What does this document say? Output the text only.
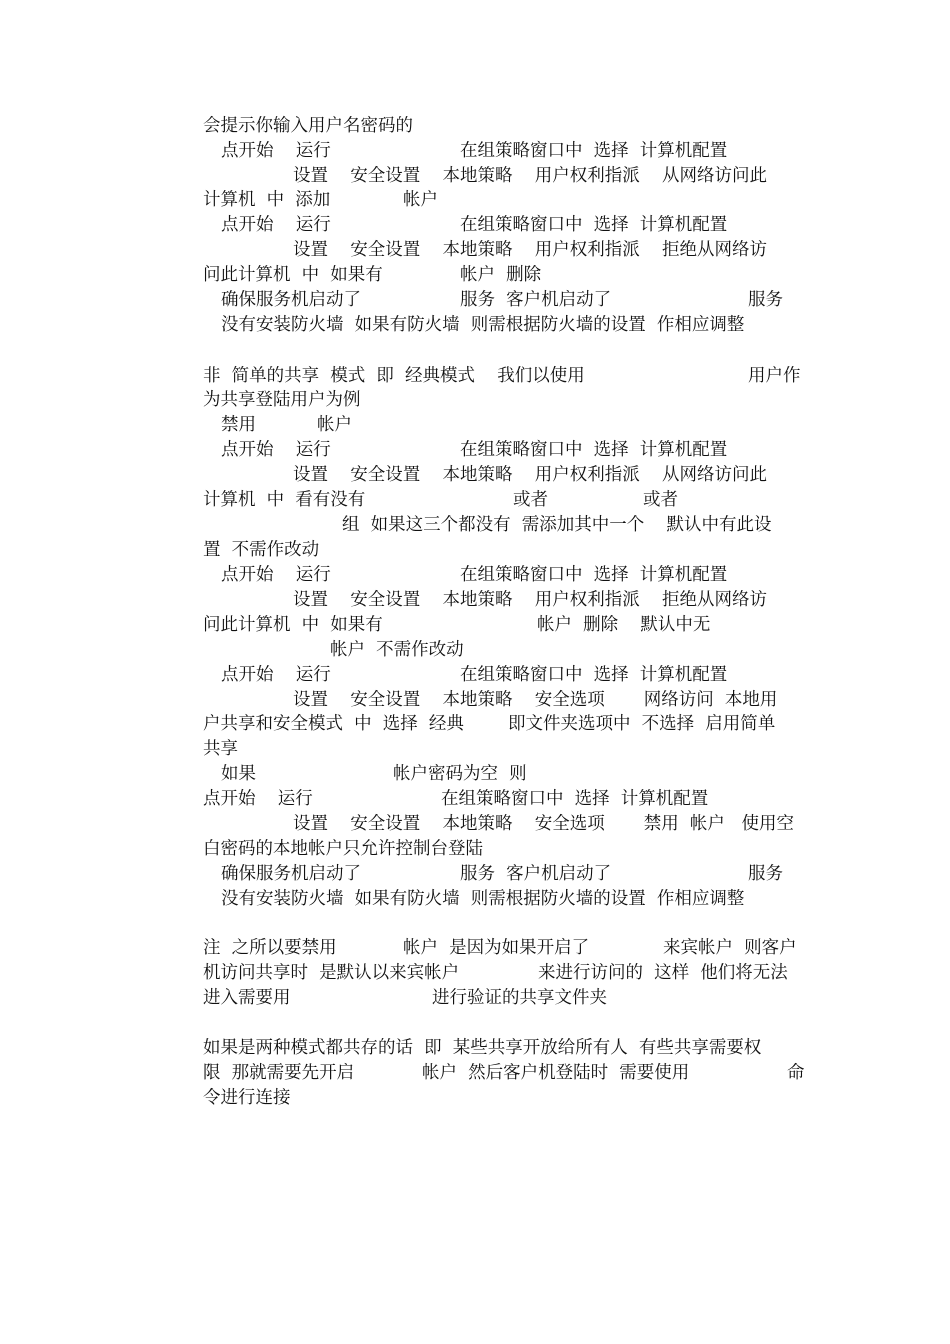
会提示你输入用户名密码的
点开始    运行	在组策略窗口中  选择  计算机配置
设置    安全设置    本地策略    用户权利指派    从网络访问此
计算机  中  添加	帐户
点开始    运行	在组策略窗口中  选择  计算机配置
设置    安全设置    本地策略    用户权利指派    拒绝从网络访
问此计算机  中  如果有	帐户  删除
确保服务机启动了	服务  客户机启动了	服务
没有安装防火墙  如果有防火墙  则需根据防火墙的设置  作相应调整
非  简单的共享  模式  即  经典模式    我们以使用	用户作
为共享登陆用户为例
禁用	帐户
点开始    运行	在组策略窗口中  选择  计算机配置
设置    安全设置    本地策略    用户权利指派    从网络访问此
计算机  中  看有没有	或者	或者
组  如果这三个都没有  需添加其中一个    默认中有此设
置  不需作改动
点开始    运行	在组策略窗口中  选择  计算机配置
设置    安全设置    本地策略    用户权利指派    拒绝从网络访
问此计算机  中  如果有	帐户  删除    默认中无
帐户  不需作改动
点开始    运行	在组策略窗口中  选择  计算机配置
设置    安全设置    本地策略    安全选项       网络访问  本地用
户共享和安全模式  中  选择  经典	即文件夹选项中  不选择  启用简单
共享
如果	帐户密码为空  则
点开始    运行	在组策略窗口中  选择  计算机配置
设置    安全设置    本地策略    安全选项       禁用  帐户   使用空
白密码的本地帐户只允许控制台登陆
确保服务机启动了	服务  客户机启动了	服务
没有安装防火墙  如果有防火墙  则需根据防火墙的设置  作相应调整
注  之所以要禁用	帐户  是因为如果开启了	来宾帐户  则客户
机访问共享时  是默认以来宾帐户	来进行访问的  这样  他们将无法
进入需要用	进行验证的共享文件夹
如果是两种模式都共存的话  即  某些共享开放给所有人  有些共享需要权
限  那就需要先开启	帐户  然后客户机登陆时  需要使用	命
令进行连接
